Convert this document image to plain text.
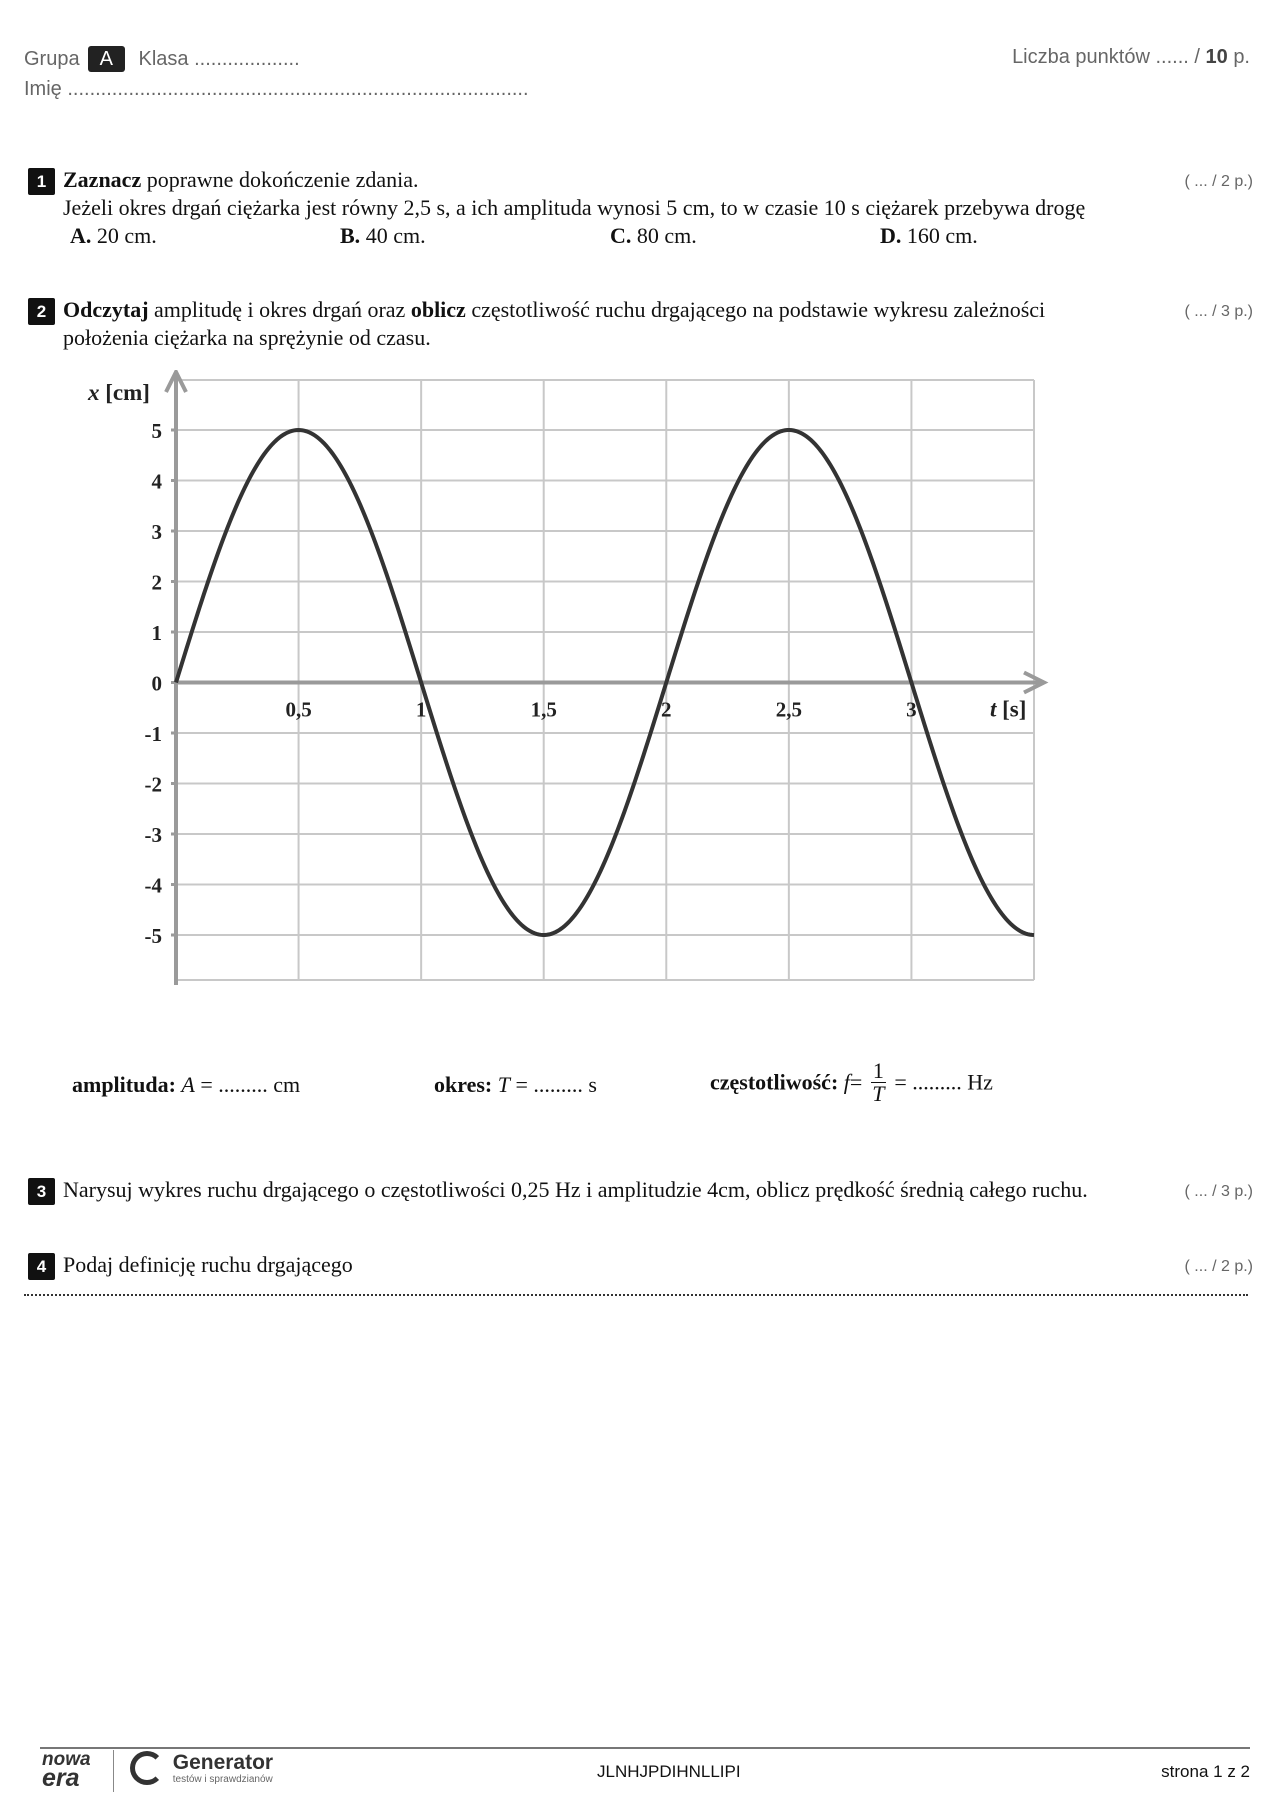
Grupa A Klasa ...................
Imię ...................................................................................
Liczba punktów ...... / 10 p.
1 Zaznacz poprawne dokończenie zdania.
Jeżeli okres drgań ciężarka jest równy 2,5 s, a ich amplituda wynosi 5 cm, to w czasie 10 s ciężarek przebywa drogę
( ... / 2 p.)
A. 20 cm.	B. 40 cm.	C. 80 cm.	D. 160 cm.
2 Odczytaj amplitudę i okres drgań oraz oblicz częstotliwość ruchu drgającego na podstawie wykresu zależności położenia ciężarka na sprężynie od czasu.
( ... / 3 p.)
5
4
3
2
1
0
-1
-2
-3
-4
-5
0,5	1	1,5	2	2,5	3
x [cm]
t [s]
amplituda: A = ......... cm	okres: T = ......... s	częstotliwość: $f= \frac{1}{T}$ = ......... Hz
3 Narysuj wykres ruchu drgającego o częstotliwości 0,25 Hz i amplitudzie 4cm, oblicz prędkość średnią całego ruchu.	( ... / 3 p.)
4 Podaj definicję ruchu drgającego	( ... / 2 p.)
nowa
era

Generator
testów i sprawdzianów	JLNHJPDIHNLLIPI	strona 1 z 2
